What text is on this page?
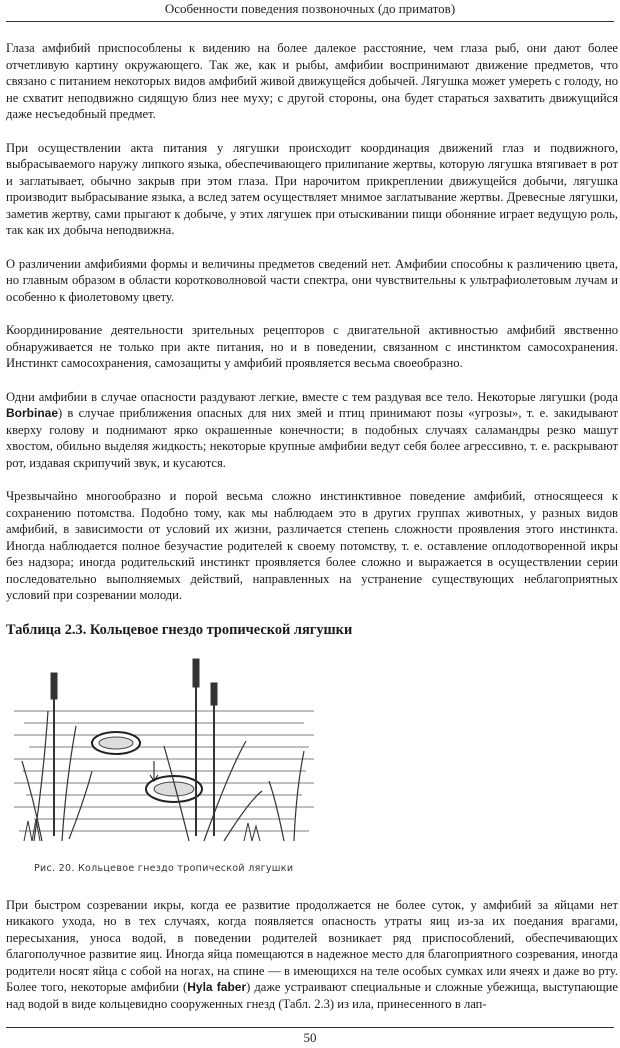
Особенности поведения позвоночных (до приматов)

Глаза амфибий приспособлены к видению на более далекое расстояние, чем глаза рыб, они дают более отчетливую картину окружающего. Так же, как и рыбы, амфибии воспринимают движение предметов, что связано с питанием некоторых видов амфибий живой движущейся добычей. Лягушка может умереть с голоду, но не схватит неподвижно сидящую близ нее муху; с другой стороны, она будет стараться захватить движущийся даже несъедобный предмет.

При осуществлении акта питания у лягушки происходит координация движений глаз и подвижного, выбрасываемого наружу липкого языка, обеспечивающего прилипание жертвы, которую лягушка втягивает в рот и заглатывает, обычно закрыв при этом глаза. При нарочитом прикреплении движущейся добычи, лягушка производит выбрасывание языка, а вслед затем осуществляет мнимое заглатывание жертвы. Древесные лягушки, заметив жертву, сами прыгают к добыче, у этих лягушек при отыскивании пищи обоняние играет ведущую роль, так как их добыча неподвижна.

О различении амфибиями формы и величины предметов сведений нет. Амфибии способны к различению цвета, но главным образом в области коротковолновой части спектра, они чувствительны к ультрафиолетовым лучам и особенно к фиолетовому цвету.

Координирование деятельности зрительных рецепторов с двигательной активностью амфибий явственно обнаруживается не только при акте питания, но и в поведении, связанном с инстинктом самосохранения. Инстинкт самосохранения, самозащиты у амфибий проявляется весьма своеобразно.

Одни амфибии в случае опасности раздувают легкие, вместе с тем раздувая все тело. Некоторые лягушки (рода Borbinae) в случае приближения опасных для них змей и птиц принимают позы «угрозы», т. е. закидывают кверху голову и поднимают ярко окрашенные конечности; в подобных случаях саламандры резко машут хвостом, обильно выделяя жидкость; некоторые крупные амфибии ведут себя более агрессивно, т. е. раскрывают рот, издавая скрипучий звук, и кусаются.

Чрезвычайно многообразно и порой весьма сложно инстинктивное поведение амфибий, относящееся к сохранению потомства. Подобно тому, как мы наблюдаем это в других группах животных, у разных видов амфибий, в зависимости от условий их жизни, различается степень сложности проявления этого инстинкта. Иногда наблюдается полное безучастие родителей к своему потомству, т. е. оставление оплодотворенной икры без надзора; иногда родительский инстинкт проявляется более сложно и выражается в осуществлении серии последовательно выполняемых действий, направленных на устранение существующих неблагоприятных условий при созревании молоди.

Таблица 2.3. Кольцевое гнездо тропической лягушки
Рис. 20. Кольцевое гнездо тропической лягушки

При быстром созревании икры, когда ее развитие продолжается не более суток, у амфибий за яйцами нет никакого ухода, но в тех случаях, когда появляется опасность утраты яиц из-за их поедания врагами, пересыхания, уноса водой, в поведении родителей возникает ряд приспособлений, обеспечивающих благополучное развитие яиц. Иногда яйца помещаются в надежное место для благоприятного созревания, иногда родители носят яйца с собой на ногах, на спине — в имеющихся на теле особых сумках или ячеях и даже во рту. Более того, некоторые амфибии (Hyla faber) даже устраивают специальные и сложные убежища, выступающие над водой в виде кольцевидно сооруженных гнезд (Табл. 2.3) из ила, принесенного в лап-

50
